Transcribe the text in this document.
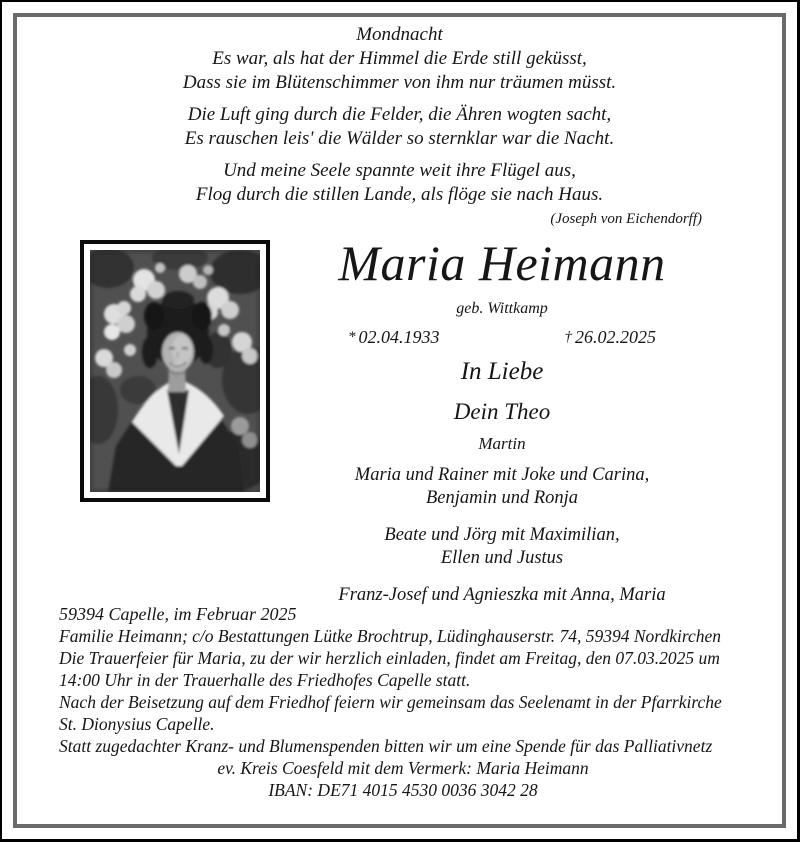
Mondnacht

Es war, als hat der Himmel die Erde still geküsst,

Dass sie im Blütenschimmer von ihm nur träumen müsst.

Die Luft ging durch die Felder, die Ähren wogten sacht,

Es rauschen leis' die Wälder so sternklar war die Nacht.

Und meine Seele spannte weit ihre Flügel aus,

Flog durch die stillen Lande, als flöge sie nach Haus.

(Joseph von Eichendorff)

Maria Heimann
geb. Wittkamp
* 02.04.1933	† 26.02.2025
In Liebe
Dein Theo
Martin
Maria und Rainer mit Joke und Carina,
Benjamin und Ronja
Beate und Jörg mit Maximilian,
Ellen und Justus
Franz-Josef und Agnieszka mit Anna, Maria

59394 Capelle, im Februar 2025

Familie Heimann; c/o Bestattungen Lütke Brochtrup, Lüdinghauserstr. 74, 59394 Nordkirchen

Die Trauerfeier für Maria, zu der wir herzlich einladen, findet am Freitag, den 07.03.2025 um

14:00 Uhr in der Trauerhalle des Friedhofes Capelle statt.

Nach der Beisetzung auf dem Friedhof feiern wir gemeinsam das Seelenamt in der Pfarrkirche

St. Dionysius Capelle.

Statt zugedachter Kranz- und Blumenspenden bitten wir um eine Spende für das Palliativnetz

ev. Kreis Coesfeld mit dem Vermerk: Maria Heimann

IBAN: DE71 4015 4530 0036 3042 28
